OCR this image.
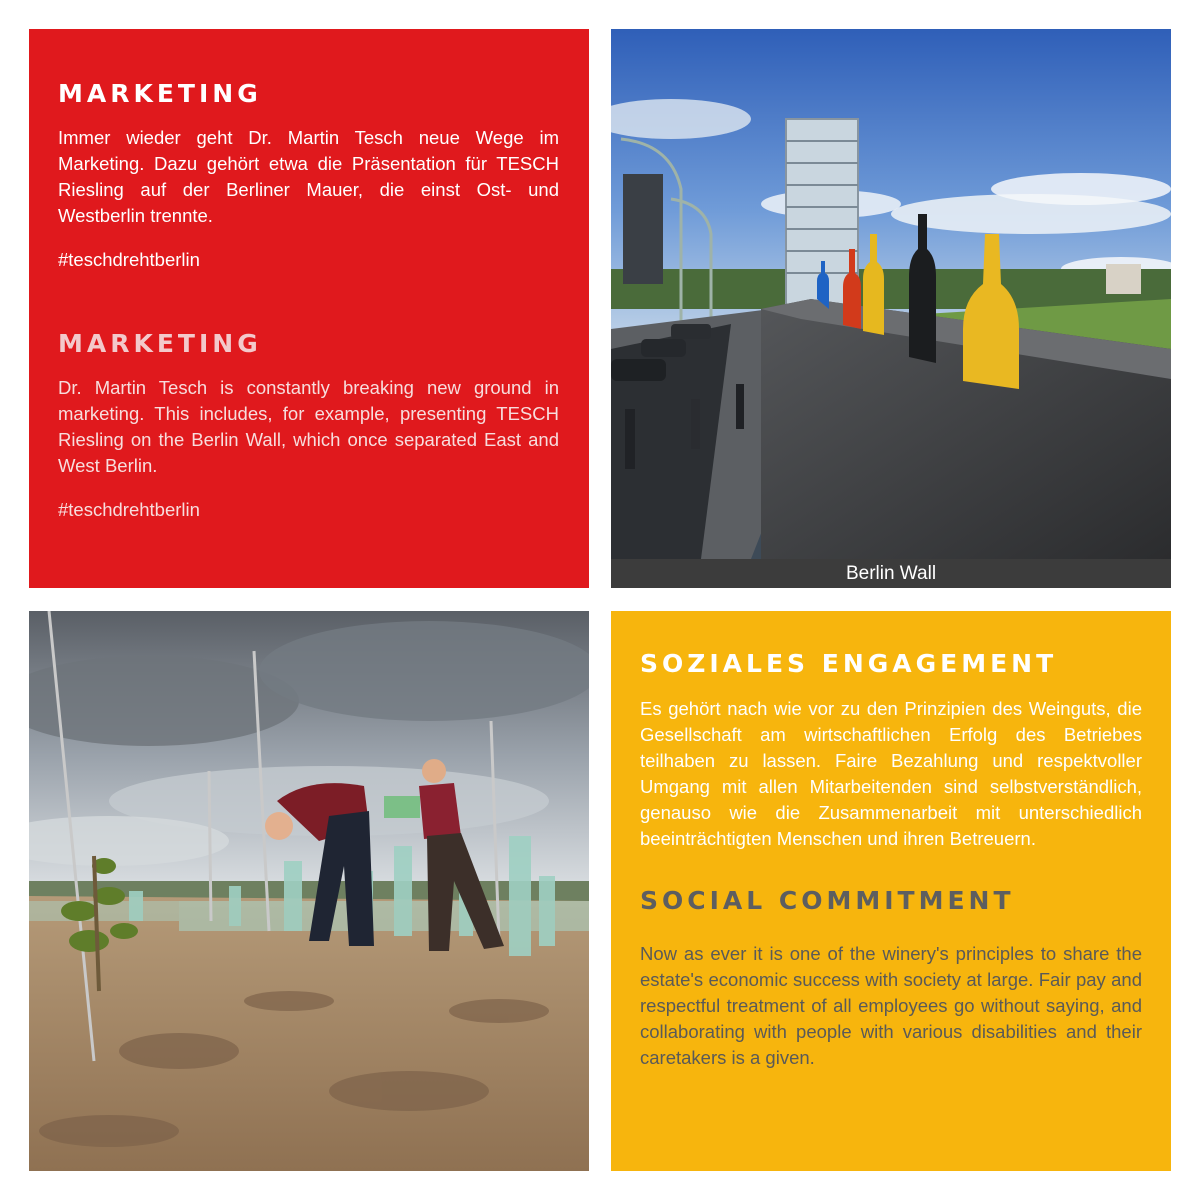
MARKETING

Immer wieder geht Dr. Martin Tesch neue Wege im Marketing. Dazu gehört etwa die Präsentation für TESCH Riesling auf der Berliner Mauer, die einst Ost- und Westberlin trennte.

#teschdrehtberlin

MARKETING

Dr. Martin Tesch is constantly breaking new ground in marketing. This includes, for example, presenting TESCH Riesling on the Berlin Wall, which once separated East and West Berlin.

#teschdrehtberlin

Berlin Wall
SOZIALES ENGAGEMENT

Es gehört nach wie vor zu den Prinzipien des Weinguts, die Gesellschaft am wirtschaftlichen Erfolg des Betriebes teilhaben zu lassen. Faire Bezahlung und respektvoller Umgang mit allen Mitarbeitenden sind selbstverständlich, genauso wie die Zusammenarbeit mit unterschiedlich beeinträchtigten Menschen und ihren Betreuern.

SOCIAL COMMITMENT

Now as ever it is one of the winery's principles to share the estate's economic success with society at large. Fair pay and respectful treatment of all employees go without saying, and collaborating with people with various disabilities and their caretakers is a given.
